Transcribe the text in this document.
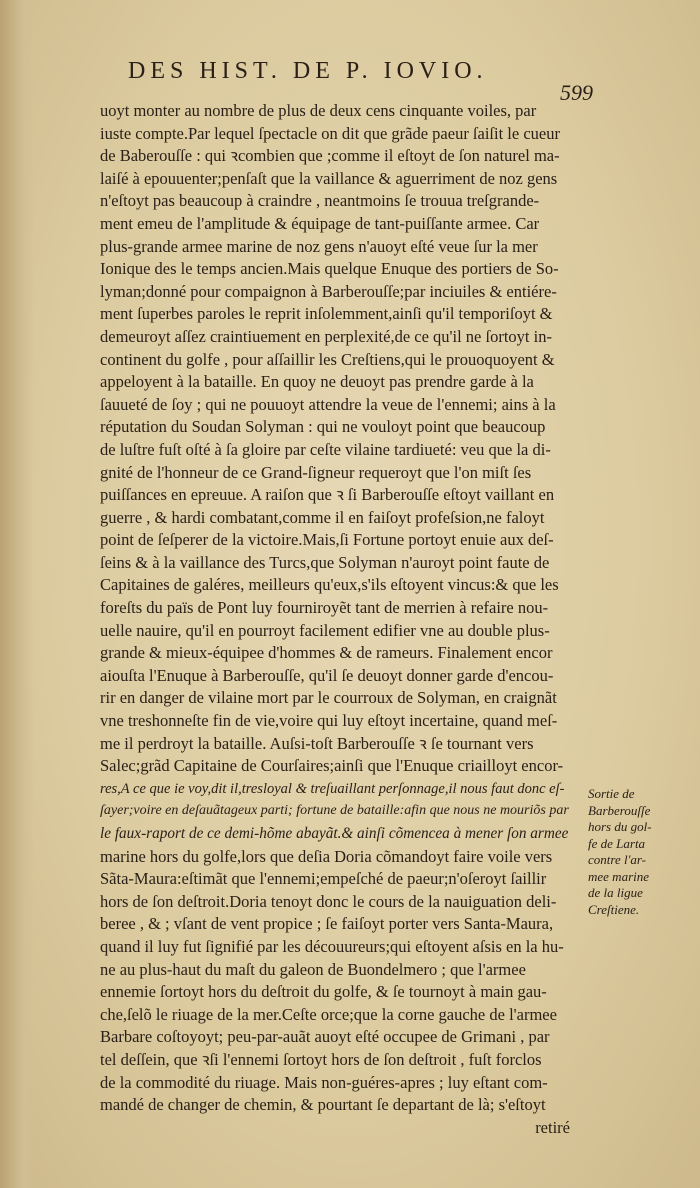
DES HIST. DE P. IOVIO.
599
uoyt monter au nombre de plus de deux cens cinquante voiles, par
iuste compte.Par lequel ſpectacle on dit que grãde paeur ſaiſit le cueur
de Baberouſſe : qui ꝛcombien que ;comme il eſtoyt de ſon naturel ma-
laiſé à epouuenter;penſaſt que la vaillance & aguerriment de noz gens
n'eſtoyt pas beaucoup à craindre , neantmoins ſe trouua treſgrande-
ment emeu de l'amplitude & équipage de tant-puiſſante armee. Car
plus-grande armee marine de noz gens n'auoyt eſté veue ſur la mer
Ionique des le temps ancien.Mais quelque Enuque des portiers de So-
lyman;donné pour compaignon à Barberouſſe;par inciuiles & entiére-
ment ſuperbes paroles le reprit inſolemment,ainſi qu'il temporiſoyt &
demeuroyt aſſez craintiuement en perplexité,de ce qu'il ne ſortoyt in-
continent du golfe , pour aſſaillir les Creſtiens,qui le prouoquoyent &
appeloyent à la bataille. En quoy ne deuoyt pas prendre garde à la
ſauueté de ſoy ; qui ne pouuoyt attendre la veue de l'ennemi; ains à la
réputation du Soudan Solyman : qui ne vouloyt point que beaucoup
de luſtre fuſt oſté à ſa gloire par ceſte vilaine tardiueté: veu que la di-
gnité de l'honneur de ce Grand-ſigneur requeroyt que l'on miſt ſes
puiſſances en epreuue. A raiſon que ꝛ ſi Barberouſſe eſtoyt vaillant en
guerre , & hardi combatant,comme il en faiſoyt profeſsion,ne faloyt
point de ſeſperer de la victoire.Mais,ſi Fortune portoyt enuie aux deſ-
ſeins & à la vaillance des Turcs,que Solyman n'auroyt point faute de
Capitaines de galéres, meilleurs qu'eux,s'ils eſtoyent vincus:& que les
foreſts du païs de Pont luy fourniroyẽt tant de merrien à refaire nou-
uelle nauire, qu'il en pourroyt facilement edifier vne au double plus-
grande & mieux-équipee d'hommes & de rameurs. Finalement encor
aiouſta l'Enuque à Barberouſſe, qu'il ſe deuoyt donner garde d'encou-
rir en danger de vilaine mort par le courroux de Solyman, en craignãt
vne treshonneſte fin de vie,voire qui luy eſtoyt incertaine, quand meſ-
me il perdroyt la bataille. Auſsi-toſt Barberouſſe ꝛ ſe tournant vers
Salec;grãd Capitaine de Courſaires;ainſi que l'Enuque criailloyt encor-
res,A ce que ie voy,dit il,tresloyal & treſuaillant perſonnage,il nous faut donc eſ-
ſayer;voire en deſauãtageux parti; fortune de bataille:afin que nous ne mouriõs par
le faux-raport de ce demi-hõme abayãt.& ainſi cõmencea à mener ſon armee
marine hors du golfe,lors que deſia Doria cõmandoyt faire voile vers
Sãta-Maura:eſtimãt que l'ennemi;empeſché de paeur;n'oſeroyt ſaillir
hors de ſon deſtroit.Doria tenoyt donc le cours de la nauiguation deli-
beree , & ; vſant de vent propice ; ſe faiſoyt porter vers Santa-Maura,
quand il luy fut ſignifié par les découureurs;qui eſtoyent aſsis en la hu-
ne au plus-haut du maſt du galeon de Buondelmero ; que l'armee
ennemie ſortoyt hors du deſtroit du golfe, & ſe tournoyt à main gau-
che,ſelõ le riuage de la mer.Ceſte orce;que la corne gauche de l'armee
Barbare coſtoyoyt; peu-par-auãt auoyt eſté occupee de Grimani , par
tel deſſein, que ꝛſi l'ennemi ſortoyt hors de ſon deſtroit , fuſt forclos
de la commodité du riuage. Mais non-guéres-apres ; luy eſtant com-
mandé de changer de chemin, & pourtant ſe departant de là; s'eſtoyt
retiré
Sortie de
Barberouſſe
hors du gol-
fe de Larta
contre l'ar-
mee marine
de la ligue
Creſtiene.
